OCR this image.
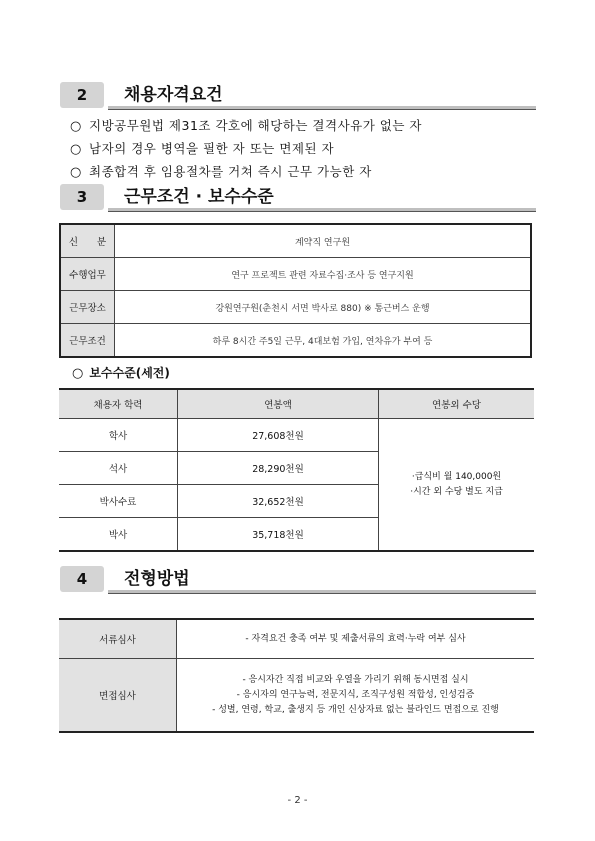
2	채용자격요건
○ 지방공무원법 제31조 각호에 해당하는 결격사유가 없는 자
○ 남자의 경우 병역을 필한 자 또는 면제된 자
○ 최종합격 후 임용절차를 거쳐 즉시 근무 가능한 자
3	근무조건 · 보수수준
신　　분	계약직 연구원
수행업무	연구 프로젝트 관련 자료수집·조사 등 연구지원
근무장소	강원연구원(춘천시 서면 박사로 880) ※ 통근버스 운행
근무조건	하루 8시간 주5일 근무, 4대보험 가입, 연차유가 부여 등
○ 보수수준(세전)
채용자 학력	연봉액	연봉외 수당
학사	27,608천원	·급식비 월 140,000원
·시간 외 수당 별도 지급

석사	28,290천원	
박사수료	32,652천원	
박사	35,718천원	
4	전형방법
서류심사	- 자격요건 충족 여부 및 제출서류의 효력·누락 여부 심사
면접심사	- 응시자간 직접 비교와 우열을 가리기 위해 동시면접 실시
- 응시자의 연구능력, 전문지식, 조직구성원 적합성, 인성검증
- 성별, 연령, 학교, 출생지 등 개인 신상자료 없는 블라인드 면접으로 진행
- 2 -
